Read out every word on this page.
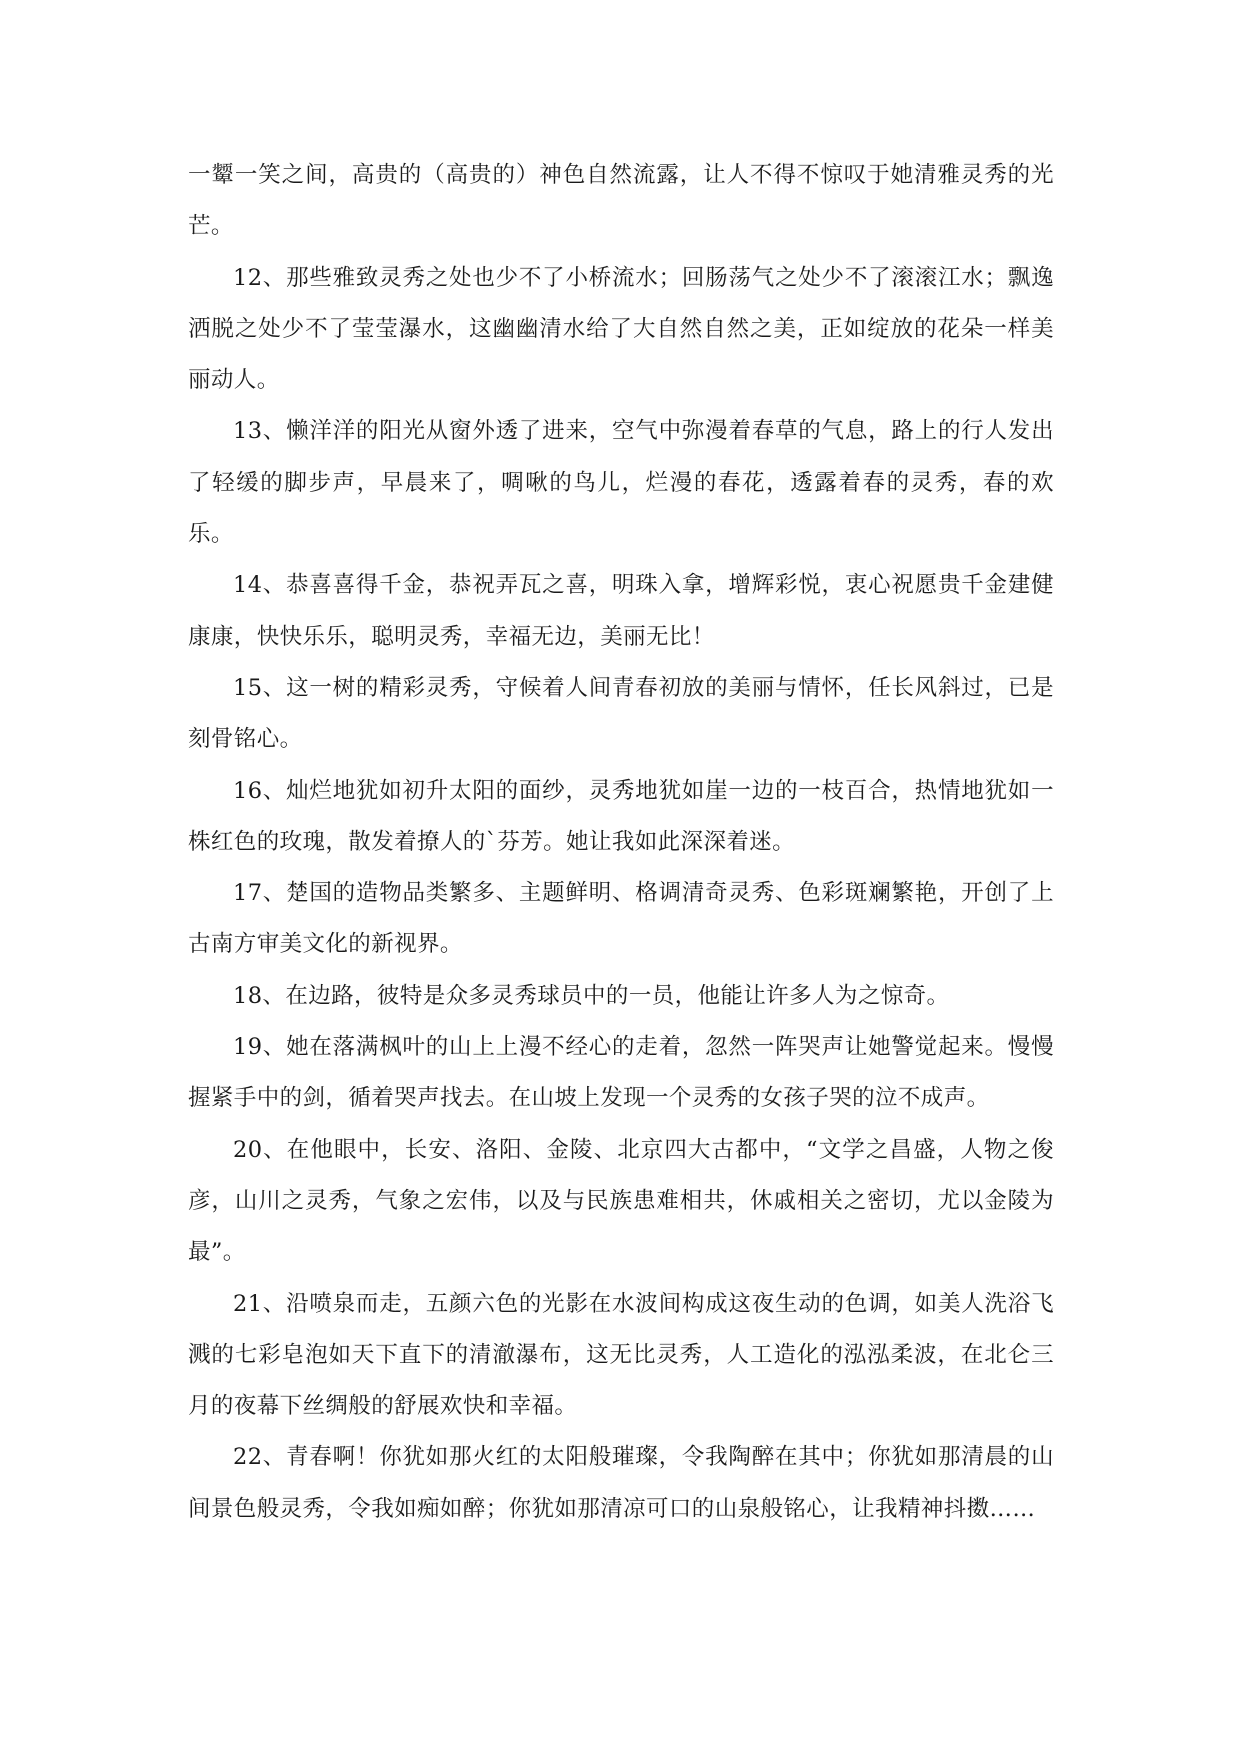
一颦一笑之间，高贵的（高贵的）神色自然流露，让人不得不惊叹于她清雅灵秀的光芒。

12、那些雅致灵秀之处也少不了小桥流水；回肠荡气之处少不了滚滚江水；飘逸洒脱之处少不了莹莹瀑水，这幽幽清水给了大自然自然之美，正如绽放的花朵一样美丽动人。

13、懒洋洋的阳光从窗外透了进来，空气中弥漫着春草的气息，路上的行人发出了轻缓的脚步声，早晨来了，啁啾的鸟儿，烂漫的春花，透露着春的灵秀，春的欢乐。

14、恭喜喜得千金，恭祝弄瓦之喜，明珠入拿，增辉彩悦，衷心祝愿贵千金建健康康，快快乐乐，聪明灵秀，幸福无边，美丽无比！

15、这一树的精彩灵秀，守候着人间青春初放的美丽与情怀，任长风斜过，已是刻骨铭心。

16、灿烂地犹如初升太阳的面纱，灵秀地犹如崖一边的一枝百合，热情地犹如一株红色的玫瑰，散发着撩人的`芬芳。她让我如此深深着迷。

17、楚国的造物品类繁多、主题鲜明、格调清奇灵秀、色彩斑斓繁艳，开创了上古南方审美文化的新视界。

18、在边路，彼特是众多灵秀球员中的一员，他能让许多人为之惊奇。

19、她在落满枫叶的山上上漫不经心的走着，忽然一阵哭声让她警觉起来。慢慢握紧手中的剑，循着哭声找去。在山坡上发现一个灵秀的女孩子哭的泣不成声。

20、在他眼中，长安、洛阳、金陵、北京四大古都中，“文学之昌盛，人物之俊彦，山川之灵秀，气象之宏伟，以及与民族患难相共，休戚相关之密切，尤以金陵为最”。

21、沿喷泉而走，五颜六色的光影在水波间构成这夜生动的色调，如美人洗浴飞溅的七彩皂泡如天下直下的清澈瀑布，这无比灵秀，人工造化的泓泓柔波，在北仑三月的夜幕下丝绸般的舒展欢快和幸福。

22、青春啊！你犹如那火红的太阳般璀璨，令我陶醉在其中；你犹如那清晨的山间景色般灵秀，令我如痴如醉；你犹如那清凉可口的山泉般铭心，让我精神抖擞……
